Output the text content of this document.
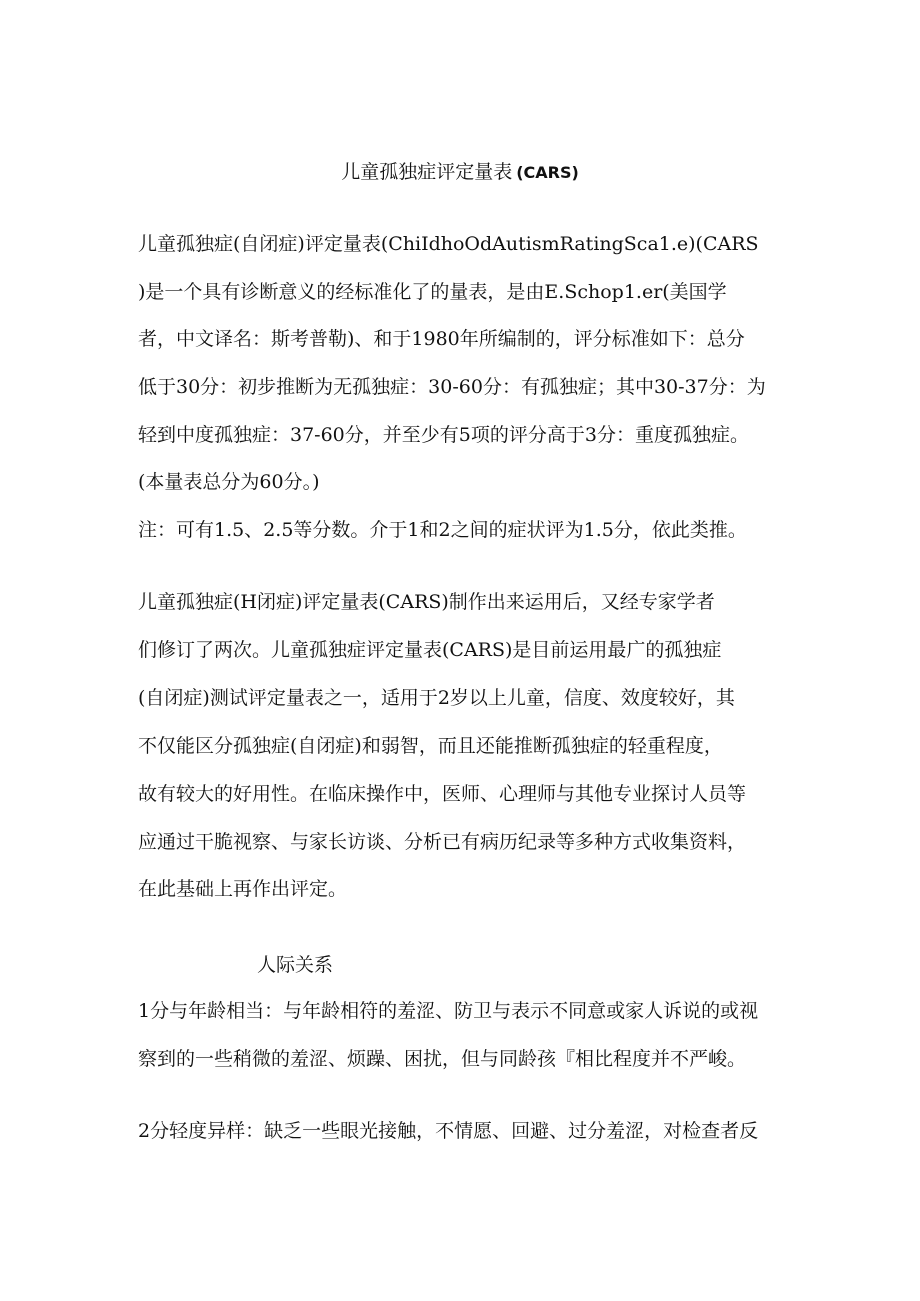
儿童孤独症评定量表 (CARS)

儿童孤独症(自闭症)评定量表(ChiIdhoOdAutismRatingSca1.e)(CARS

)是一个具有诊断意义的经标准化了的量表，是由E.Schop1.er(美国学

者，中文译名：斯考普勒)、和于1980年所编制的，评分标准如下：总分

低于30分：初步推断为无孤独症：30-60分：有孤独症；其中30-37分：为

轻到中度孤独症：37-60分，并至少有5项的评分高于3分：重度孤独症。

(本量表总分为60分。)

注：可有1.5、2.5等分数。介于1和2之间的症状评为1.5分，依此类推。

儿童孤独症(H闭症)评定量表(CARS)制作出来运用后，又经专家学者

们修订了两次。儿童孤独症评定量表(CARS)是目前运用最广的孤独症

(自闭症)测试评定量表之一，适用于2岁以上儿童，信度、效度较好，其

不仅能区分孤独症(自闭症)和弱智，而且还能推断孤独症的轻重程度，

故有较大的好用性。在临床操作中，医师、心理师与其他专业探讨人员等

应通过干脆视察、与家长访谈、分析已有病历纪录等多种方式收集资料，

在此基础上再作出评定。

人际关系

1分与年龄相当：与年龄相符的羞涩、防卫与表示不同意或家人诉说的或视

察到的一些稍微的羞涩、烦躁、困扰，但与同龄孩『相比程度并不严峻。

2分轻度异样：缺乏一些眼光接触，不情愿、回避、过分羞涩，对检查者反
